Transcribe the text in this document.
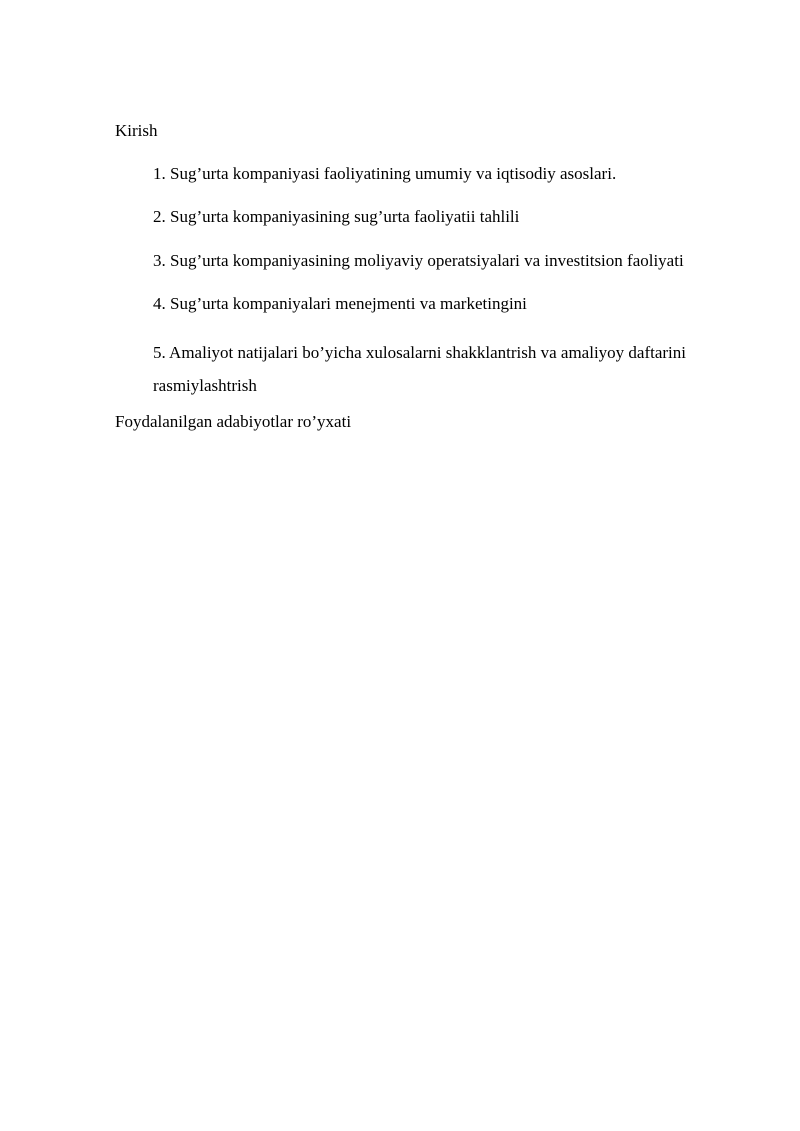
Kirish
1. Sug’urta kompaniyasi faoliyatining umumiy va iqtisodiy asoslari.
2. Sug’urta kompaniyasining sug’urta faoliyatii tahlili
3. Sug’urta kompaniyasining moliyaviy operatsiyalari va investitsion faoliyati
4. Sug’urta kompaniyalari menejmenti va marketingini
5. Amaliyot natijalari bo’yicha xulosalarni shakklantrish va amaliyoy daftarini rasmiylashtrish
Foydalanilgan adabiyotlar ro’yxati
